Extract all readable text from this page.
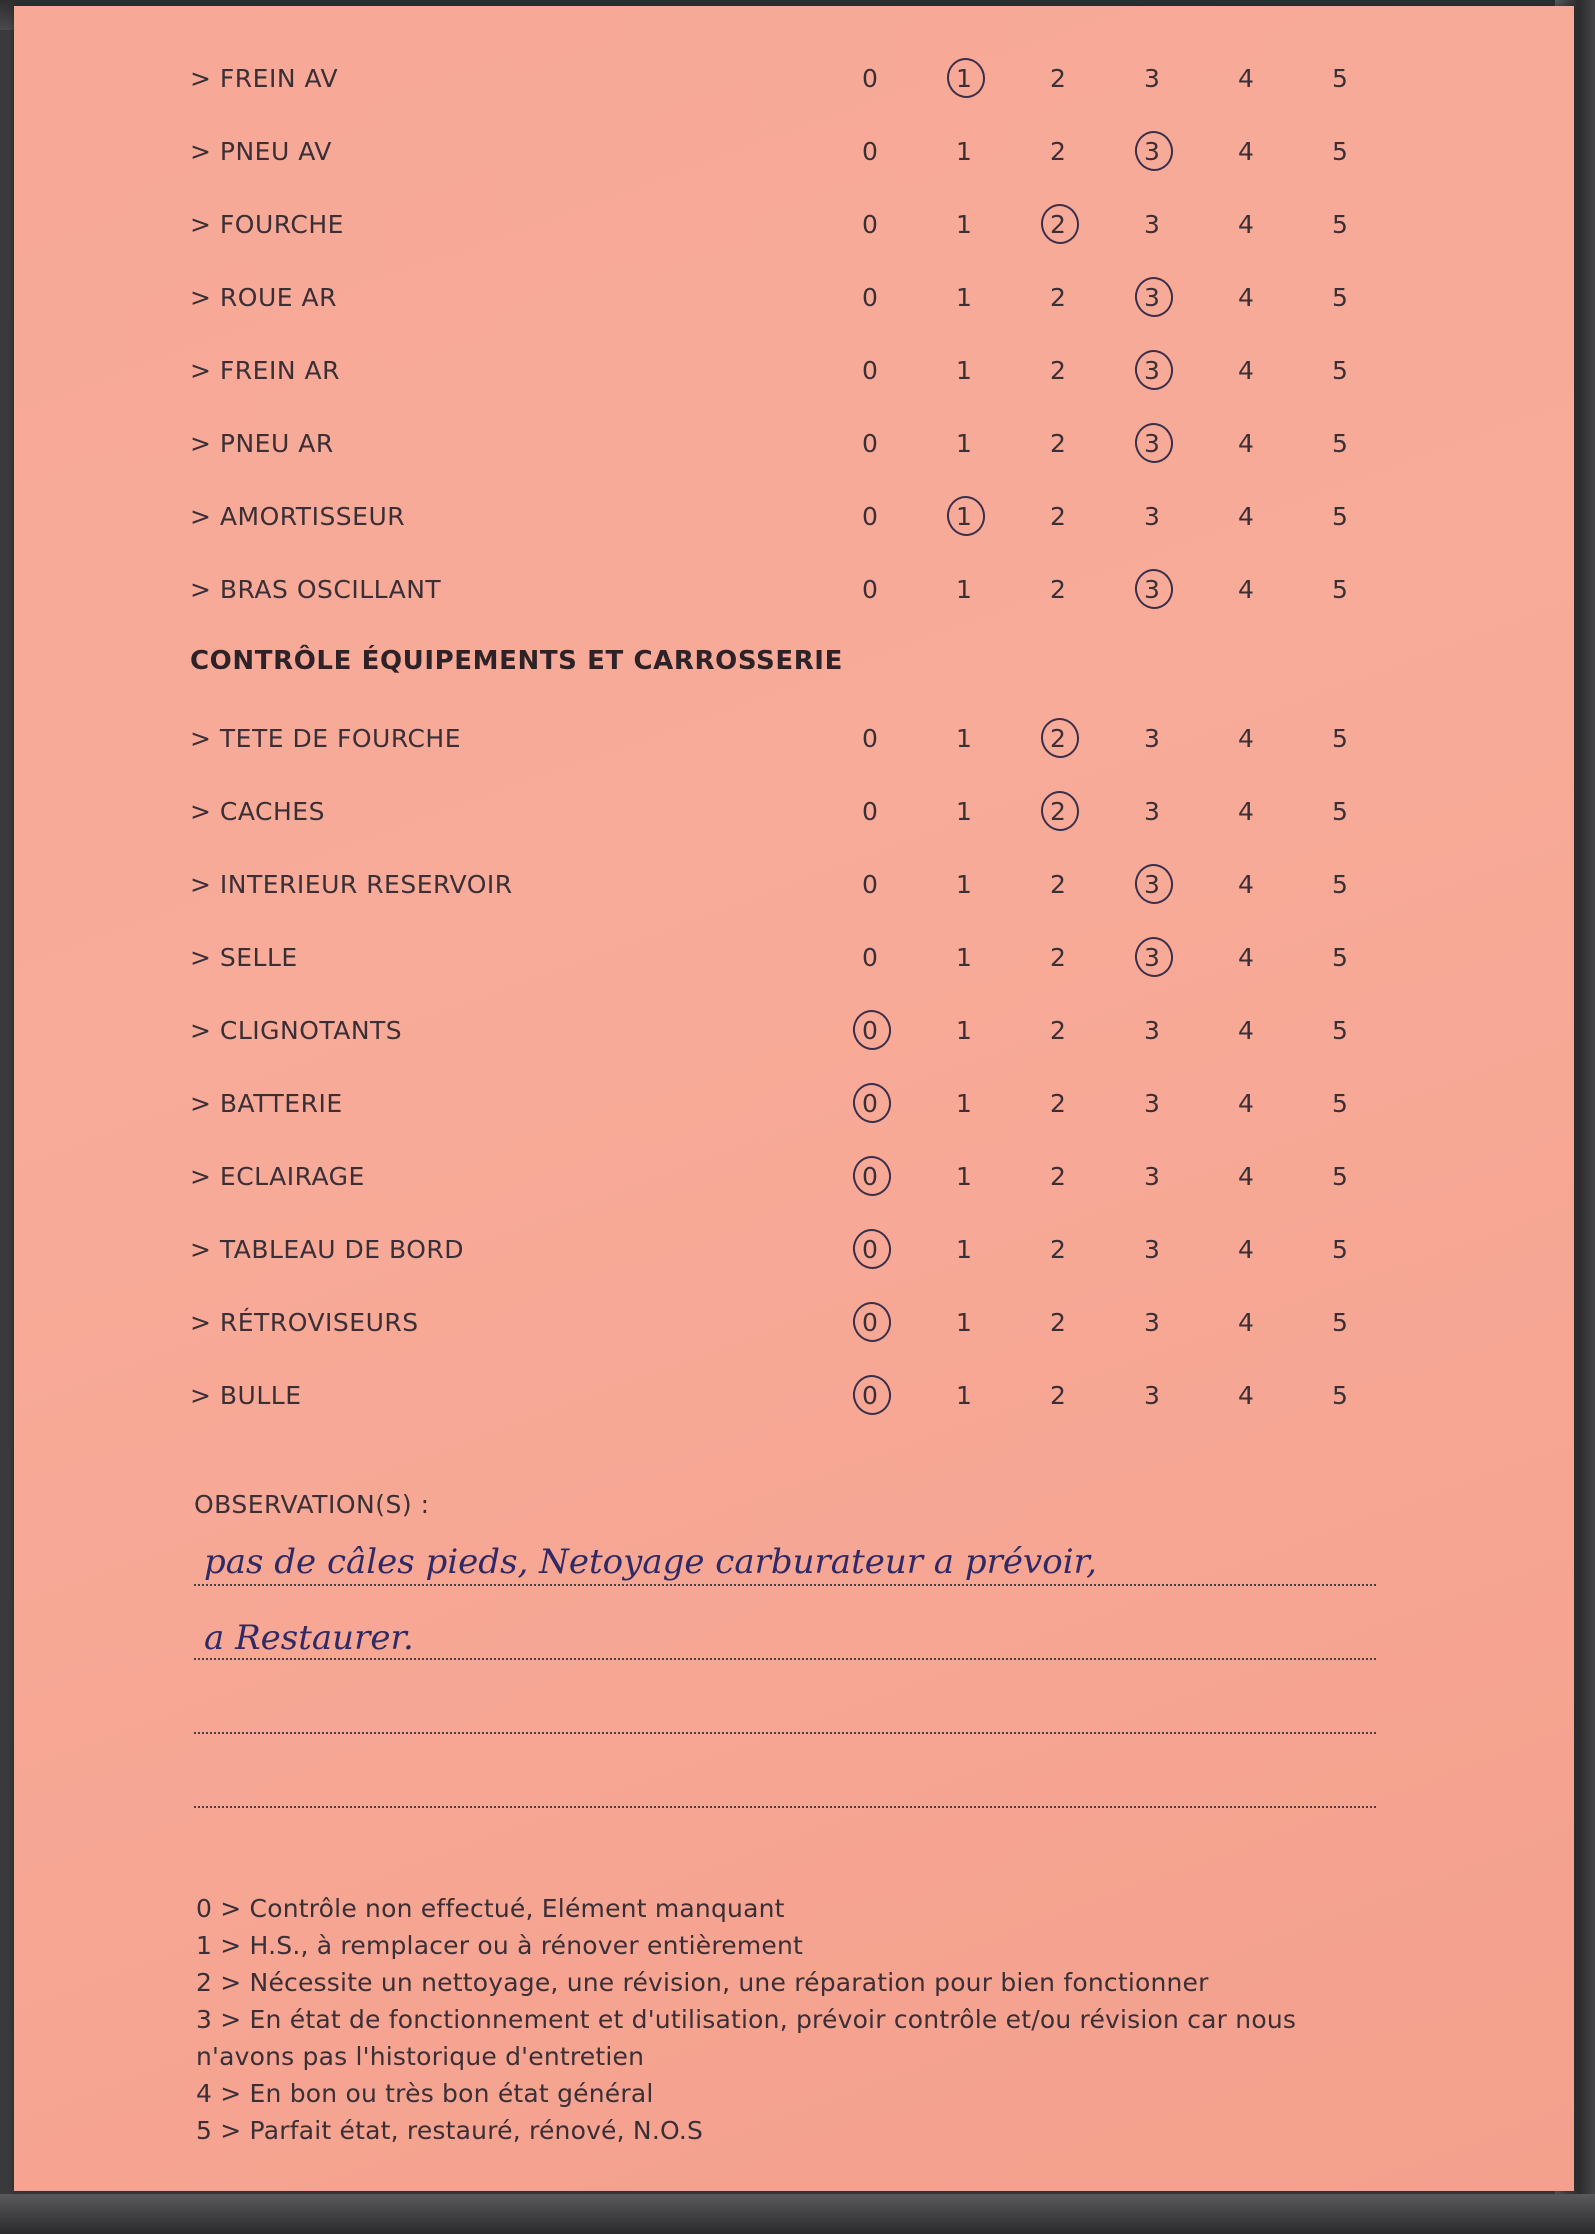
> FREIN AV	0	1	2	3	4	5
> PNEU AV	0	1	2	3	4	5
> FOURCHE	0	1	2	3	4	5
> ROUE AR	0	1	2	3	4	5
> FREIN AR	0	1	2	3	4	5
> PNEU AR	0	1	2	3	4	5
> AMORTISSEUR	0	1	2	3	4	5
> BRAS OSCILLANT	0	1	2	3	4	5
CONTRÔLE ÉQUIPEMENTS ET CARROSSERIE
> TETE DE FOURCHE	0	1	2	3	4	5
> CACHES	0	1	2	3	4	5
> INTERIEUR RESERVOIR	0	1	2	3	4	5
> SELLE	0	1	2	3	4	5
> CLIGNOTANTS	0	1	2	3	4	5
> BATTERIE	0	1	2	3	4	5
> ECLAIRAGE	0	1	2	3	4	5
> TABLEAU DE BORD	0	1	2	3	4	5
> RÉTROVISEURS	0	1	2	3	4	5
> BULLE	0	1	2	3	4	5
OBSERVATION(S) :
pas de câles pieds, Netoyage carburateur a prévoir,
a Restaurer.
0 > Contrôle non effectué, Elément manquant
1 > H.S., à remplacer ou à rénover entièrement
2 > Nécessite un nettoyage, une révision, une réparation pour bien fonctionner
3 > En état de fonctionnement et d'utilisation, prévoir contrôle et/ou révision car nous
n'avons pas l'historique d'entretien
4 > En bon ou très bon état général
5 > Parfait état, restauré, rénové, N.O.S
